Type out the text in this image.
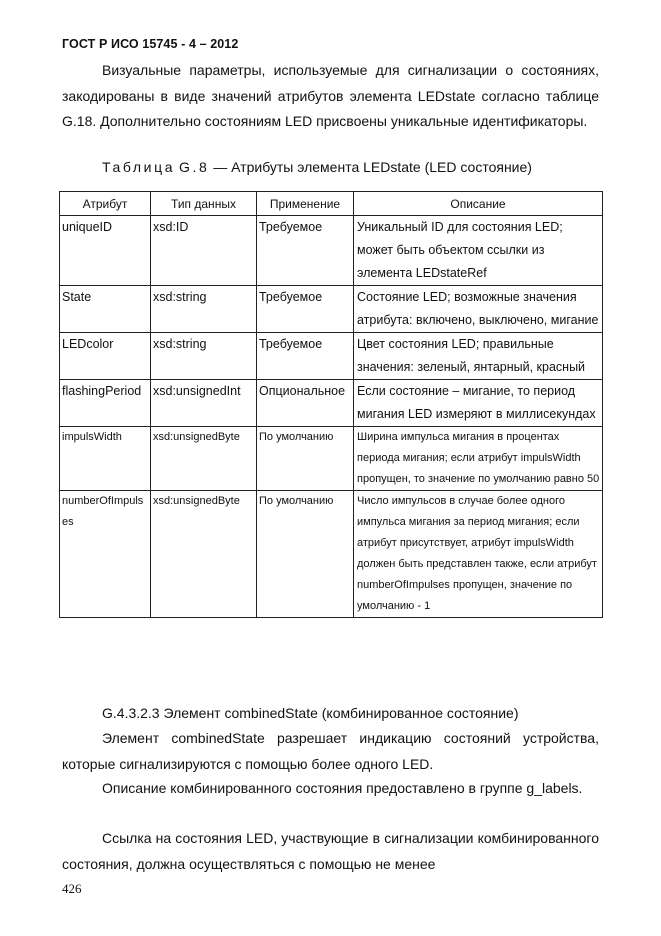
ГОСТ Р ИСО 15745 - 4 – 2012
Визуальные параметры, используемые для сигнализации о состояниях, закодированы в виде значений атрибутов элемента LEDstate согласно таблице G.18. Дополнительно состояниям LED присвоены уникальные идентификаторы.
Таблица G.8 — Атрибуты элемента LEDstate (LED состояние)
Атрибут	Тип данных	Применение	Описание
uniqueID	xsd:ID	Требуемое	Уникальный ID для состояния LED; может быть объектом ссылки из элемента LEDstateRef
State	xsd:string	Требуемое	Состояние LED; возможные значения атрибута: включено, выключено, мигание
LEDcolor	xsd:string	Требуемое	Цвет состояния LED; правильные значения: зеленый, янтарный, красный
flashingPeriod	xsd:unsignedInt	Опциональное	Если состояние – мигание, то период мигания LED измеряют в миллисекундах
impulsWidth	xsd:unsignedByte	По умолчанию	Ширина импульса мигания в процентах периода мигания; если атрибут impulsWidth пропущен, то значение по умолчанию равно 50
numberOfImpulses	xsd:unsignedByte	По умолчанию	Число импульсов в случае более одного импульса мигания за период мигания; если атрибут присутствует, атрибут impulsWidth должен быть представлен также, если атрибут numberOfImpulses пропущен, значение по умолчанию - 1
G.4.3.2.3 Элемент combinedState (комбинированное состояние)
Элемент combinedState разрешает индикацию состояний устройства, которые сигнализируются с помощью более одного LED.
Описание комбинированного состояния предоставлено в группе g_labels.
Ссылка на состояния LED, участвующие в сигнализации комбинированного состояния, должна осуществляться с помощью не менее
426
